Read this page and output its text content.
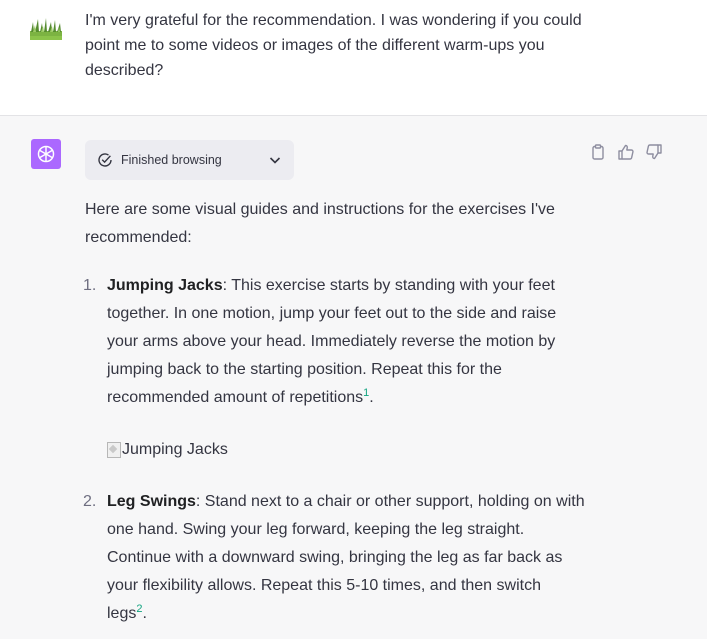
I'm very grateful for the recommendation. I was wondering if you could point me to some videos or images of the different warm-ups you described?
Finished browsing

Here are some visual guides and instructions for the exercises I've recommended:

1. Jumping Jacks: This exercise starts by standing with your feet together. In one motion, jump your feet out to the side and raise your arms above your head. Immediately reverse the motion by jumping back to the starting position. Repeat this for the recommended amount of repetitions$^1$.
Jumping Jacks
2. Leg Swings: Stand next to a chair or other support, holding on with one hand. Swing your leg forward, keeping the leg straight. Continue with a downward swing, bringing the leg as far back as your flexibility allows. Repeat this 5-10 times, and then switch legs$^2$.
